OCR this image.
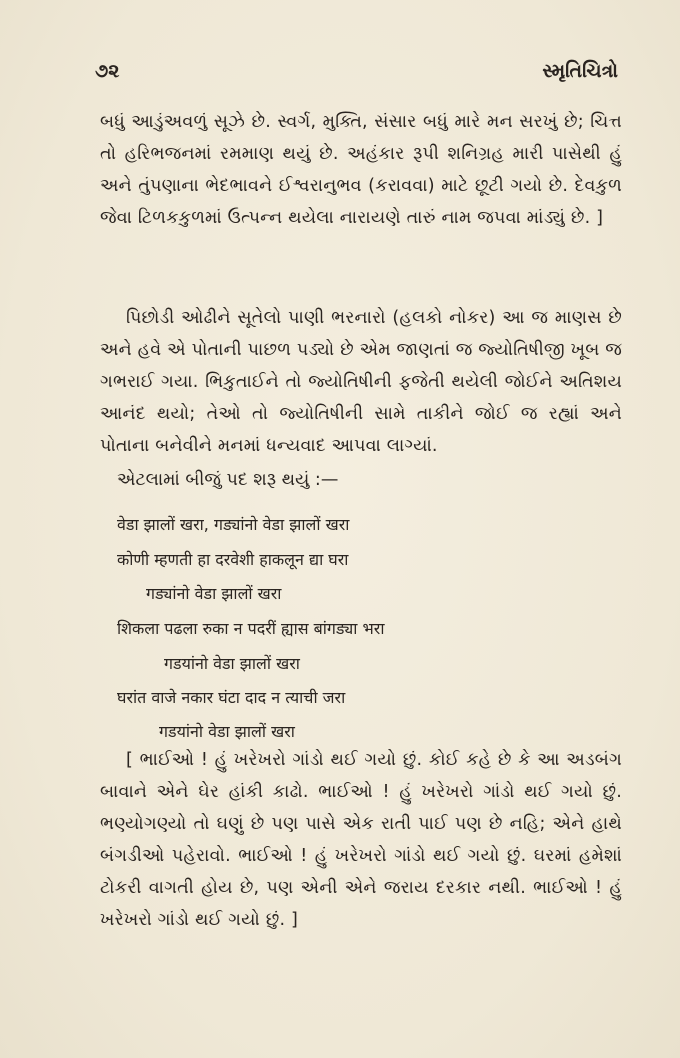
૭૨	સ્મૃતિચિત્રો

બધું આડુંઅવળું સૂઝે છે. સ્વર્ગ, મુક્તિ, સંસાર બધું મારે મન સરખું છે; ચિત્ત તો હરિભજનમાં રમમાણ થયું છે. અહંકાર રૂપી શનિગ્રહ મારી પાસેથી હું અને તુંપણાના ભેદભાવને ઈશ્વરાનુભવ (કરાવવા) માટે છૂટી ગયો છે. દેવકુળ જેવા ટિળકકુળમાં ઉત્પન્ન થયેલા નારાયણે તારું નામ જપવા માંડ્યું છે. ]

પિછોડી ઓઢીને સૂતેલો પાણી ભરનારો (હલકો નોકર) આ જ માણસ છે અને હવે એ પોતાની પાછળ પડ્યો છે એમ જાણતાં જ જ્યોતિષીજી ખૂબ જ ગભરાઈ ગયા. ભિકુતાઈને તો જ્યોતિષીની ફજેતી થયેલી જોઈને અતિશય આનંદ થયો; તેઓ તો જ્યોતિષીની સામે તાકીને જોઈ જ રહ્યાં અને પોતાના બનેવીને મનમાં ધન્યવાદ આપવા લાગ્યાં.

એટલામાં બીજું પદ શરૂ થયું :—
वेडा झालों खरा, गड्यांनो वेडा झालों खरा
कोणी म्हणती हा दरवेशी हाकलून द्या घरा
गड्यांनो वेडा झालों खरा
शिकला पढला रुका न पदरीं ह्यास बांगड्या भरा
गडयांनो वेडा झालों खरा
घरांत वाजे नकार घंटा दाद न त्याची जरा
गडयांनो वेडा झालों खरा

[ ભાઈઓ ! હું ખરેખરો ગાંડો થઈ ગયો છું. કોઈ કહે છે કે આ અડબંગ બાવાને એને ઘેર હાંકી કાઢો. ભાઈઓ ! હું ખરેખરો ગાંડો થઈ ગયો છું. ભણ્યોગણ્યો તો ઘણું છે પણ પાસે એક રાતી પાઈ પણ છે નહિ; એને હાથે બંગડીઓ પહેરાવો. ભાઈઓ ! હું ખરેખરો ગાંડો થઈ ગયો છું. ઘરમાં હમેશાં ટોકરી વાગતી હોય છે, પણ એની એને જરાય દરકાર નથી. ભાઈઓ ! હું ખરેખરો ગાંડો થઈ ગયો છું. ]
